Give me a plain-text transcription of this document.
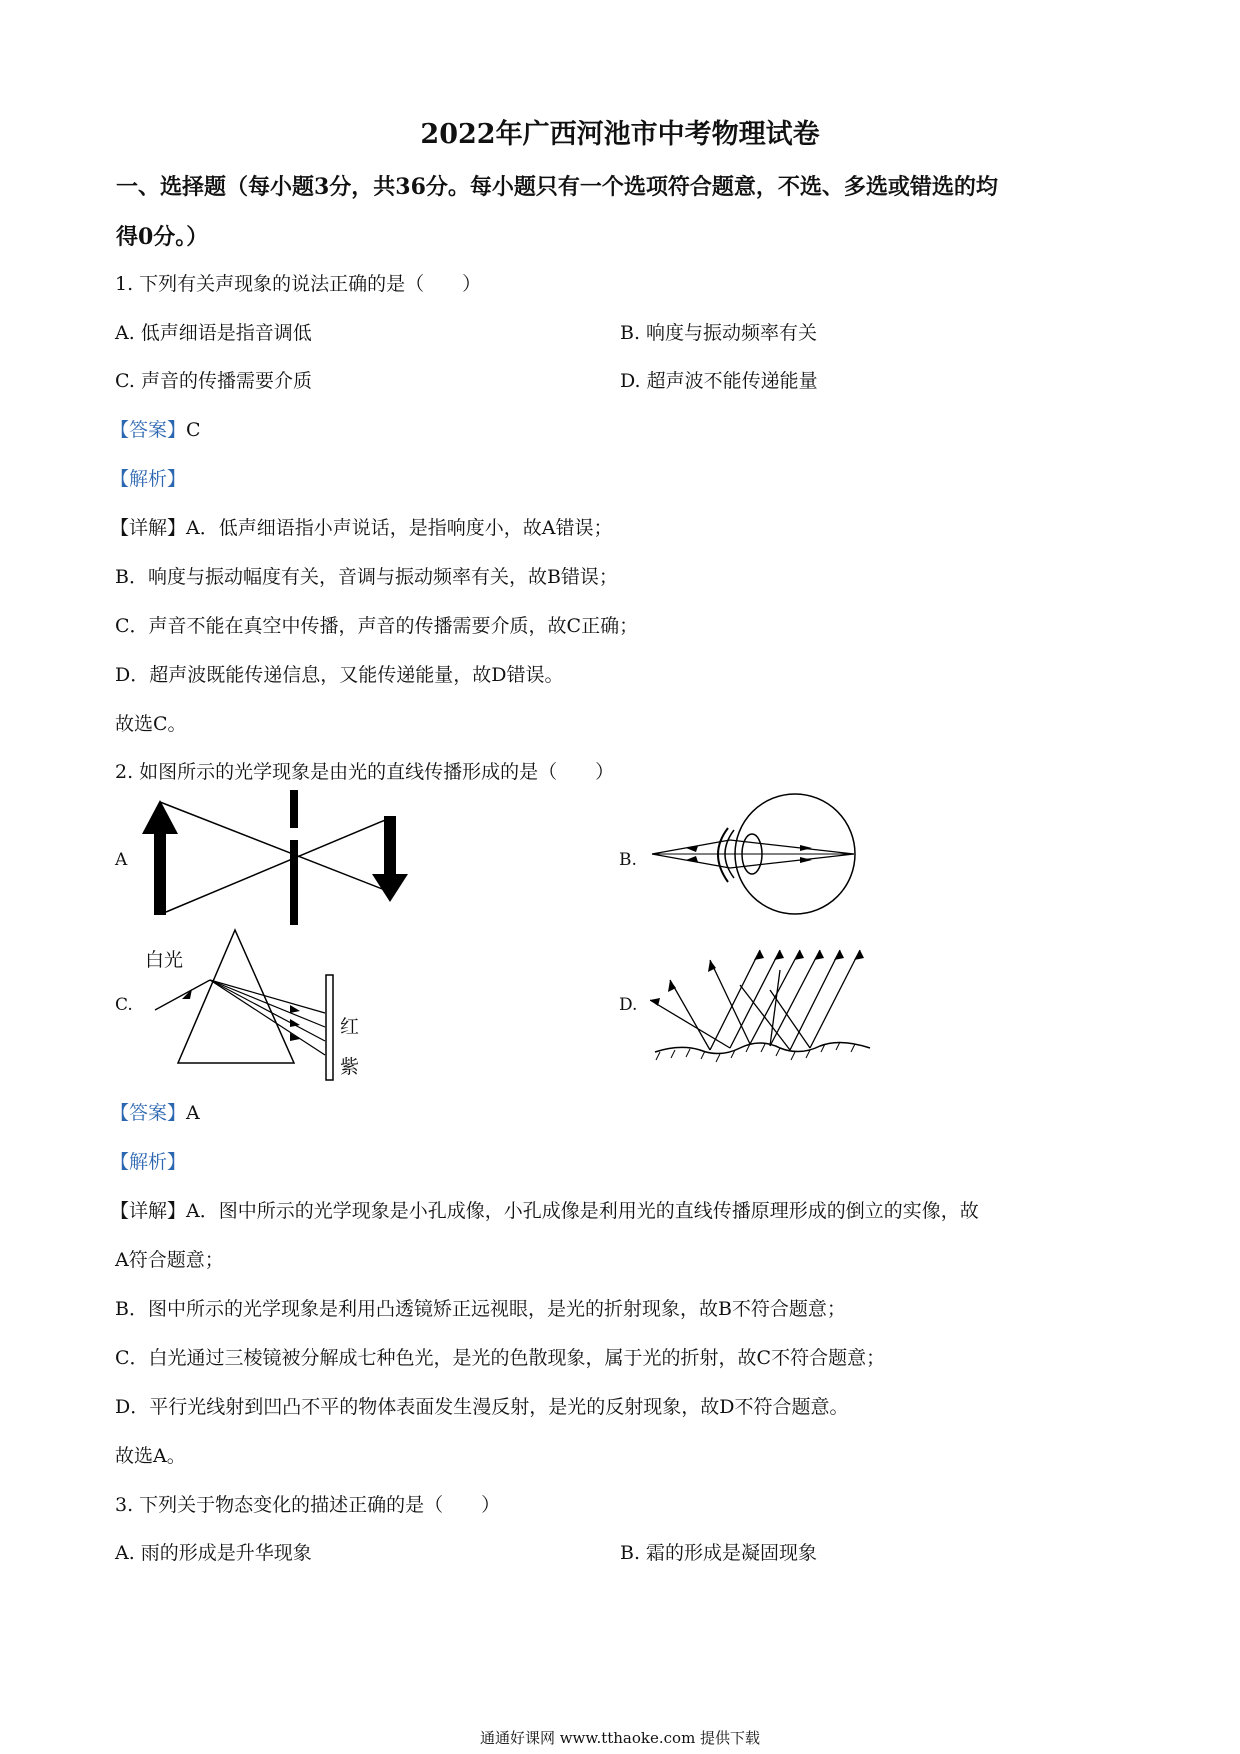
2022年广西河池市中考物理试卷
一、选择题（每小题3分，共36分。每小题只有一个选项符合题意，不选、多选或错选的均
得0分。）
1. 下列有关声现象的说法正确的是（　　）
A. 低声细语是指音调低	B. 响度与振动频率有关
C. 声音的传播需要介质	D. 超声波不能传递能量
【答案】C
【解析】
【详解】A．低声细语指小声说话，是指响度小，故A错误；
B．响度与振动幅度有关，音调与振动频率有关，故B错误；
C．声音不能在真空中传播，声音的传播需要介质，故C正确；
D．超声波既能传递信息，又能传递能量，故D错误。
故选C。
2. 如图所示的光学现象是由光的直线传播形成的是（　　）
A	B.
C.
白光
红
紫
D.
【答案】A
【解析】
【详解】A．图中所示的光学现象是小孔成像，小孔成像是利用光的直线传播原理形成的倒立的实像，故
A符合题意；
B．图中所示的光学现象是利用凸透镜矫正远视眼，是光的折射现象，故B不符合题意；
C．白光通过三棱镜被分解成七种色光，是光的色散现象，属于光的折射，故C不符合题意；
D．平行光线射到凹凸不平的物体表面发生漫反射，是光的反射现象，故D不符合题意。
故选A。
3. 下列关于物态变化的描述正确的是（　　）
A. 雨的形成是升华现象	B. 霜的形成是凝固现象
通通好课网 www.tthaoke.com 提供下载
